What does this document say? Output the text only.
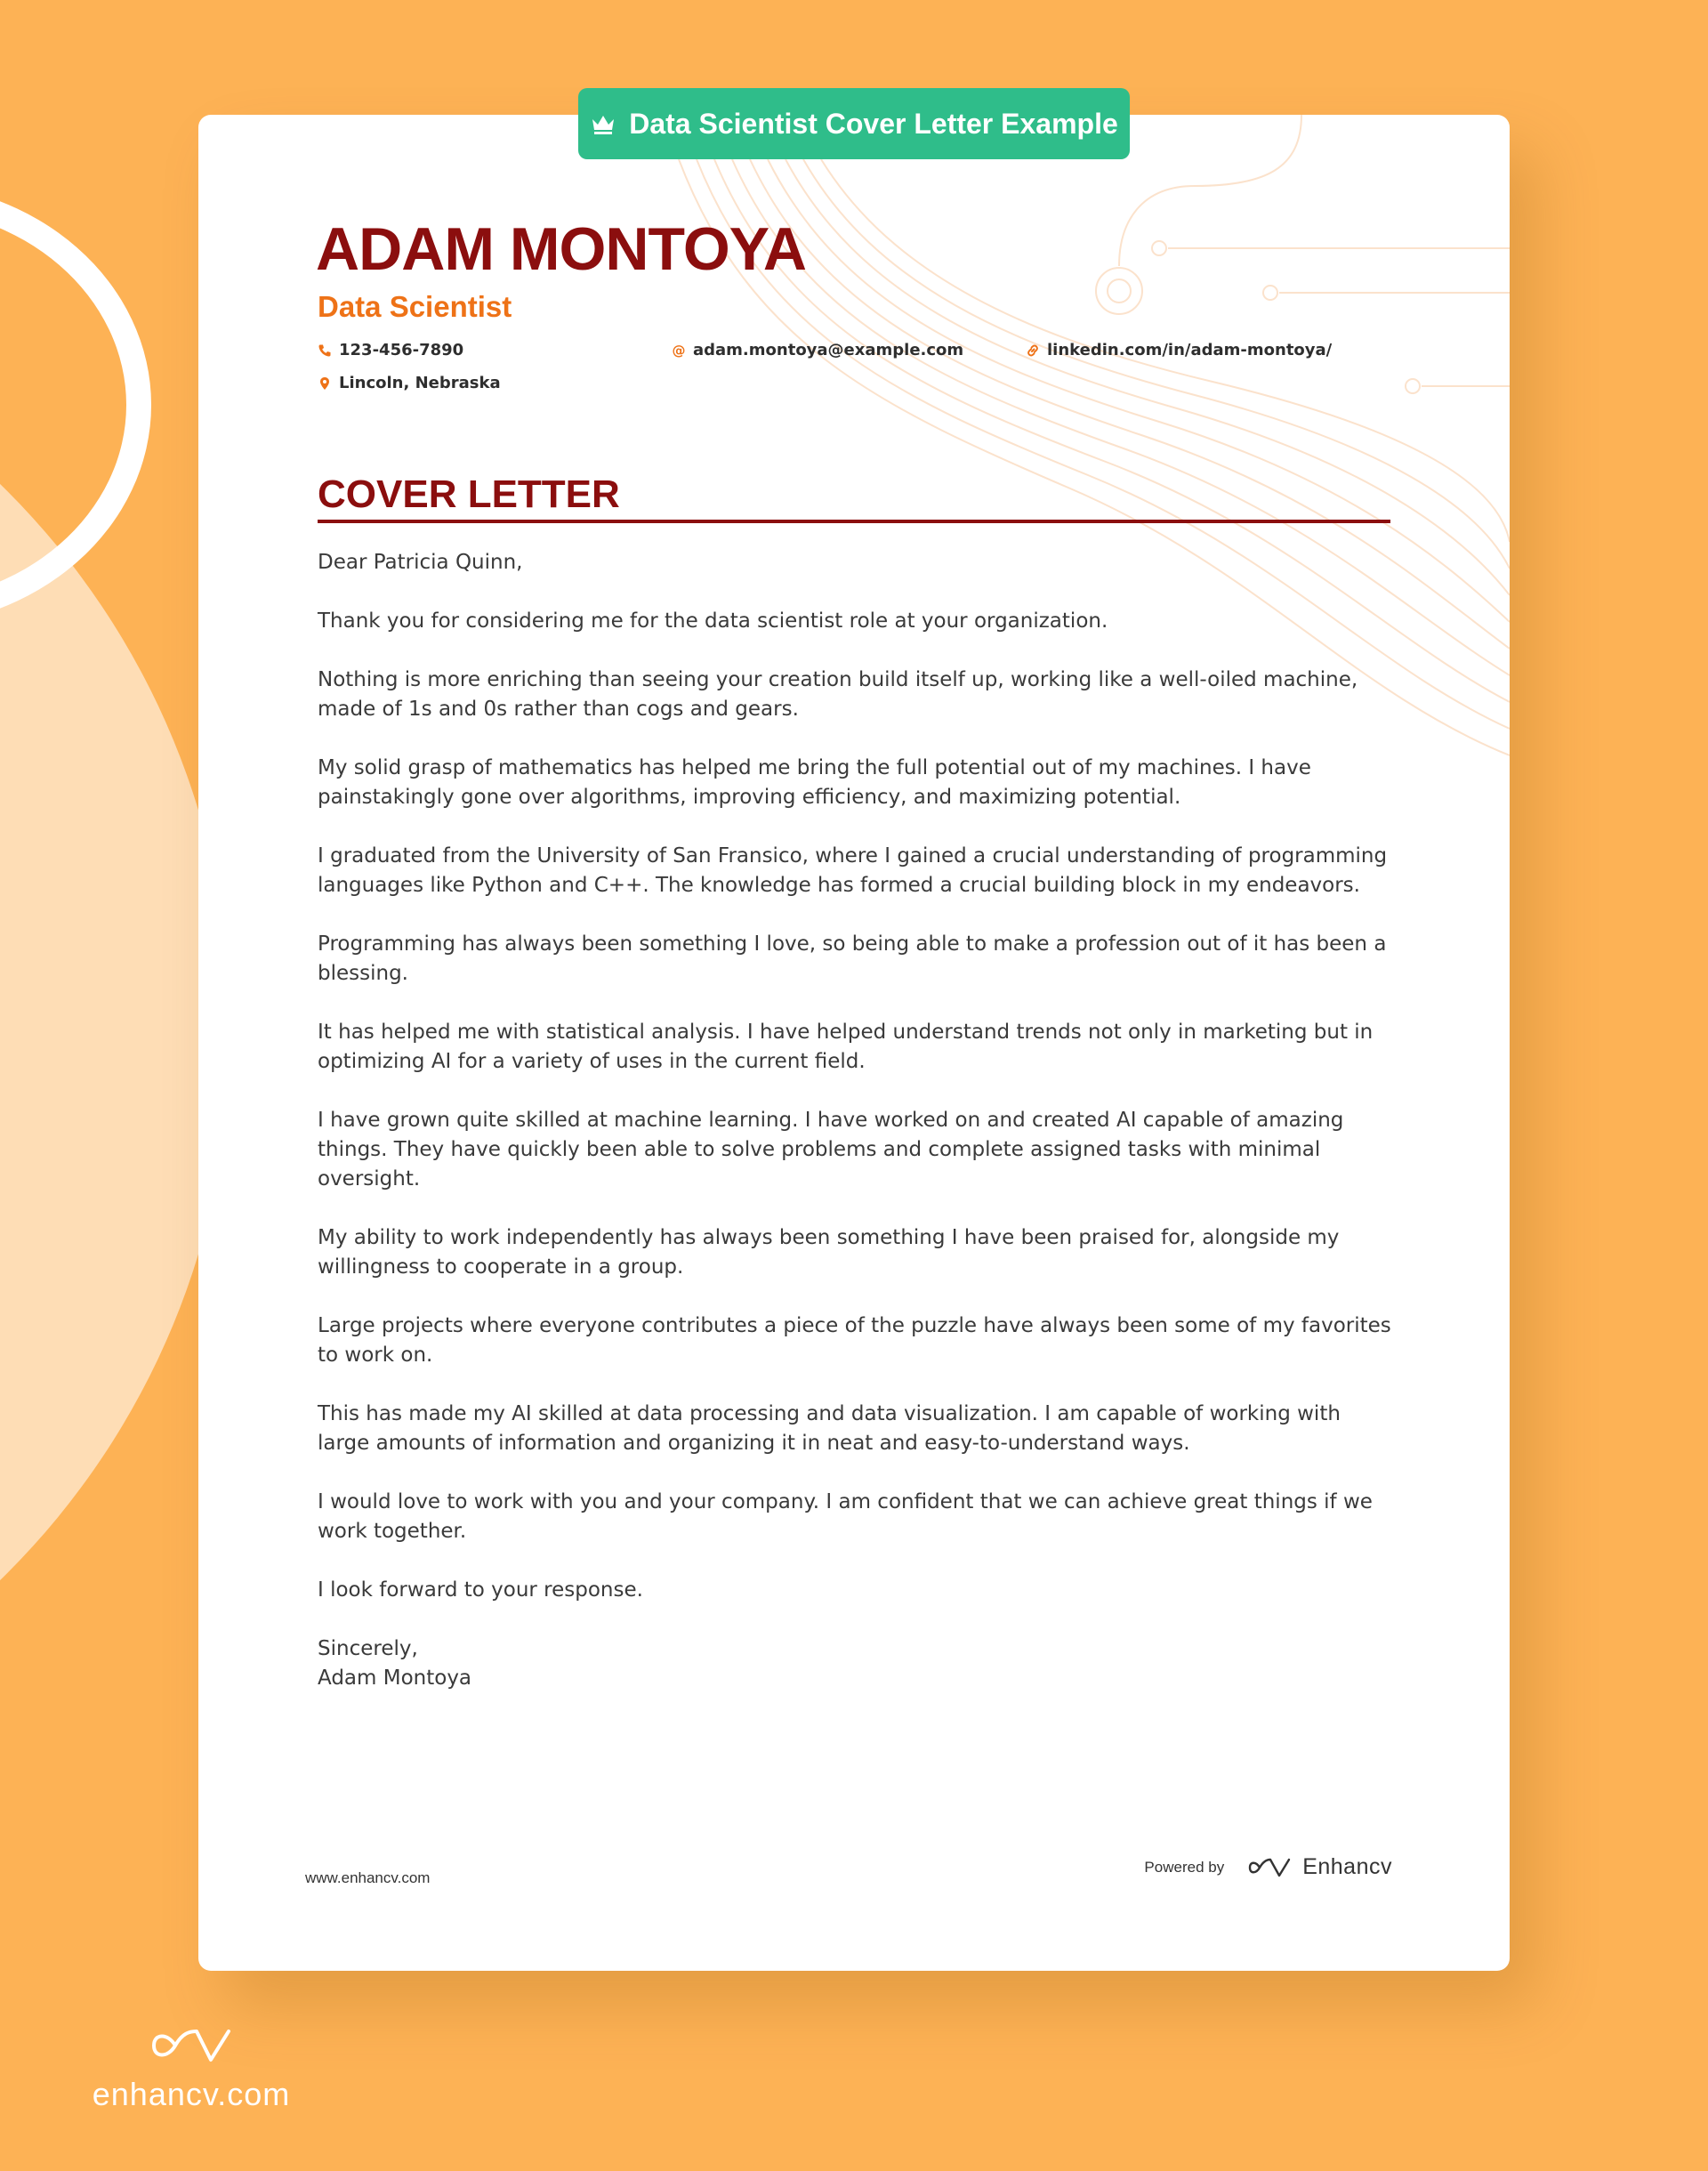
ADAM MONTOYA
Data Scientist
123-456-7890	@ adam.montoya@example.com	linkedin.com/in/adam-montoya/
Lincoln, Nebraska
COVER LETTER

Dear Patricia Quinn,

Thank you for considering me for the data scientist role at your organization.

Nothing is more enriching than seeing your creation build itself up, working like a well-oiled machine, made of 1s and 0s rather than cogs and gears.

My solid grasp of mathematics has helped me bring the full potential out of my machines. I have painstakingly gone over algorithms, improving efficiency, and maximizing potential.

I graduated from the University of San Fransico, where I gained a crucial understanding of programming languages like Python and C++. The knowledge has formed a crucial building block in my endeavors.

Programming has always been something I love, so being able to make a profession out of it has been a blessing.

It has helped me with statistical analysis. I have helped understand trends not only in marketing but in optimizing AI for a variety of uses in the current field.

I have grown quite skilled at machine learning. I have worked on and created AI capable of amazing things. They have quickly been able to solve problems and complete assigned tasks with minimal oversight.

My ability to work independently has always been something I have been praised for, alongside my willingness to cooperate in a group.

Large projects where everyone contributes a piece of the puzzle have always been some of my favorites to work on.

This has made my AI skilled at data processing and data visualization. I am capable of working with large amounts of information and organizing it in neat and easy-to-understand ways.

I would love to work with you and your company. I am confident that we can achieve great things if we work together.

I look forward to your response.

Sincerely,

Adam Montoya

www.enhancv.com
Powered by	Enhancv
Data Scientist Cover Letter Example
enhancv.com
